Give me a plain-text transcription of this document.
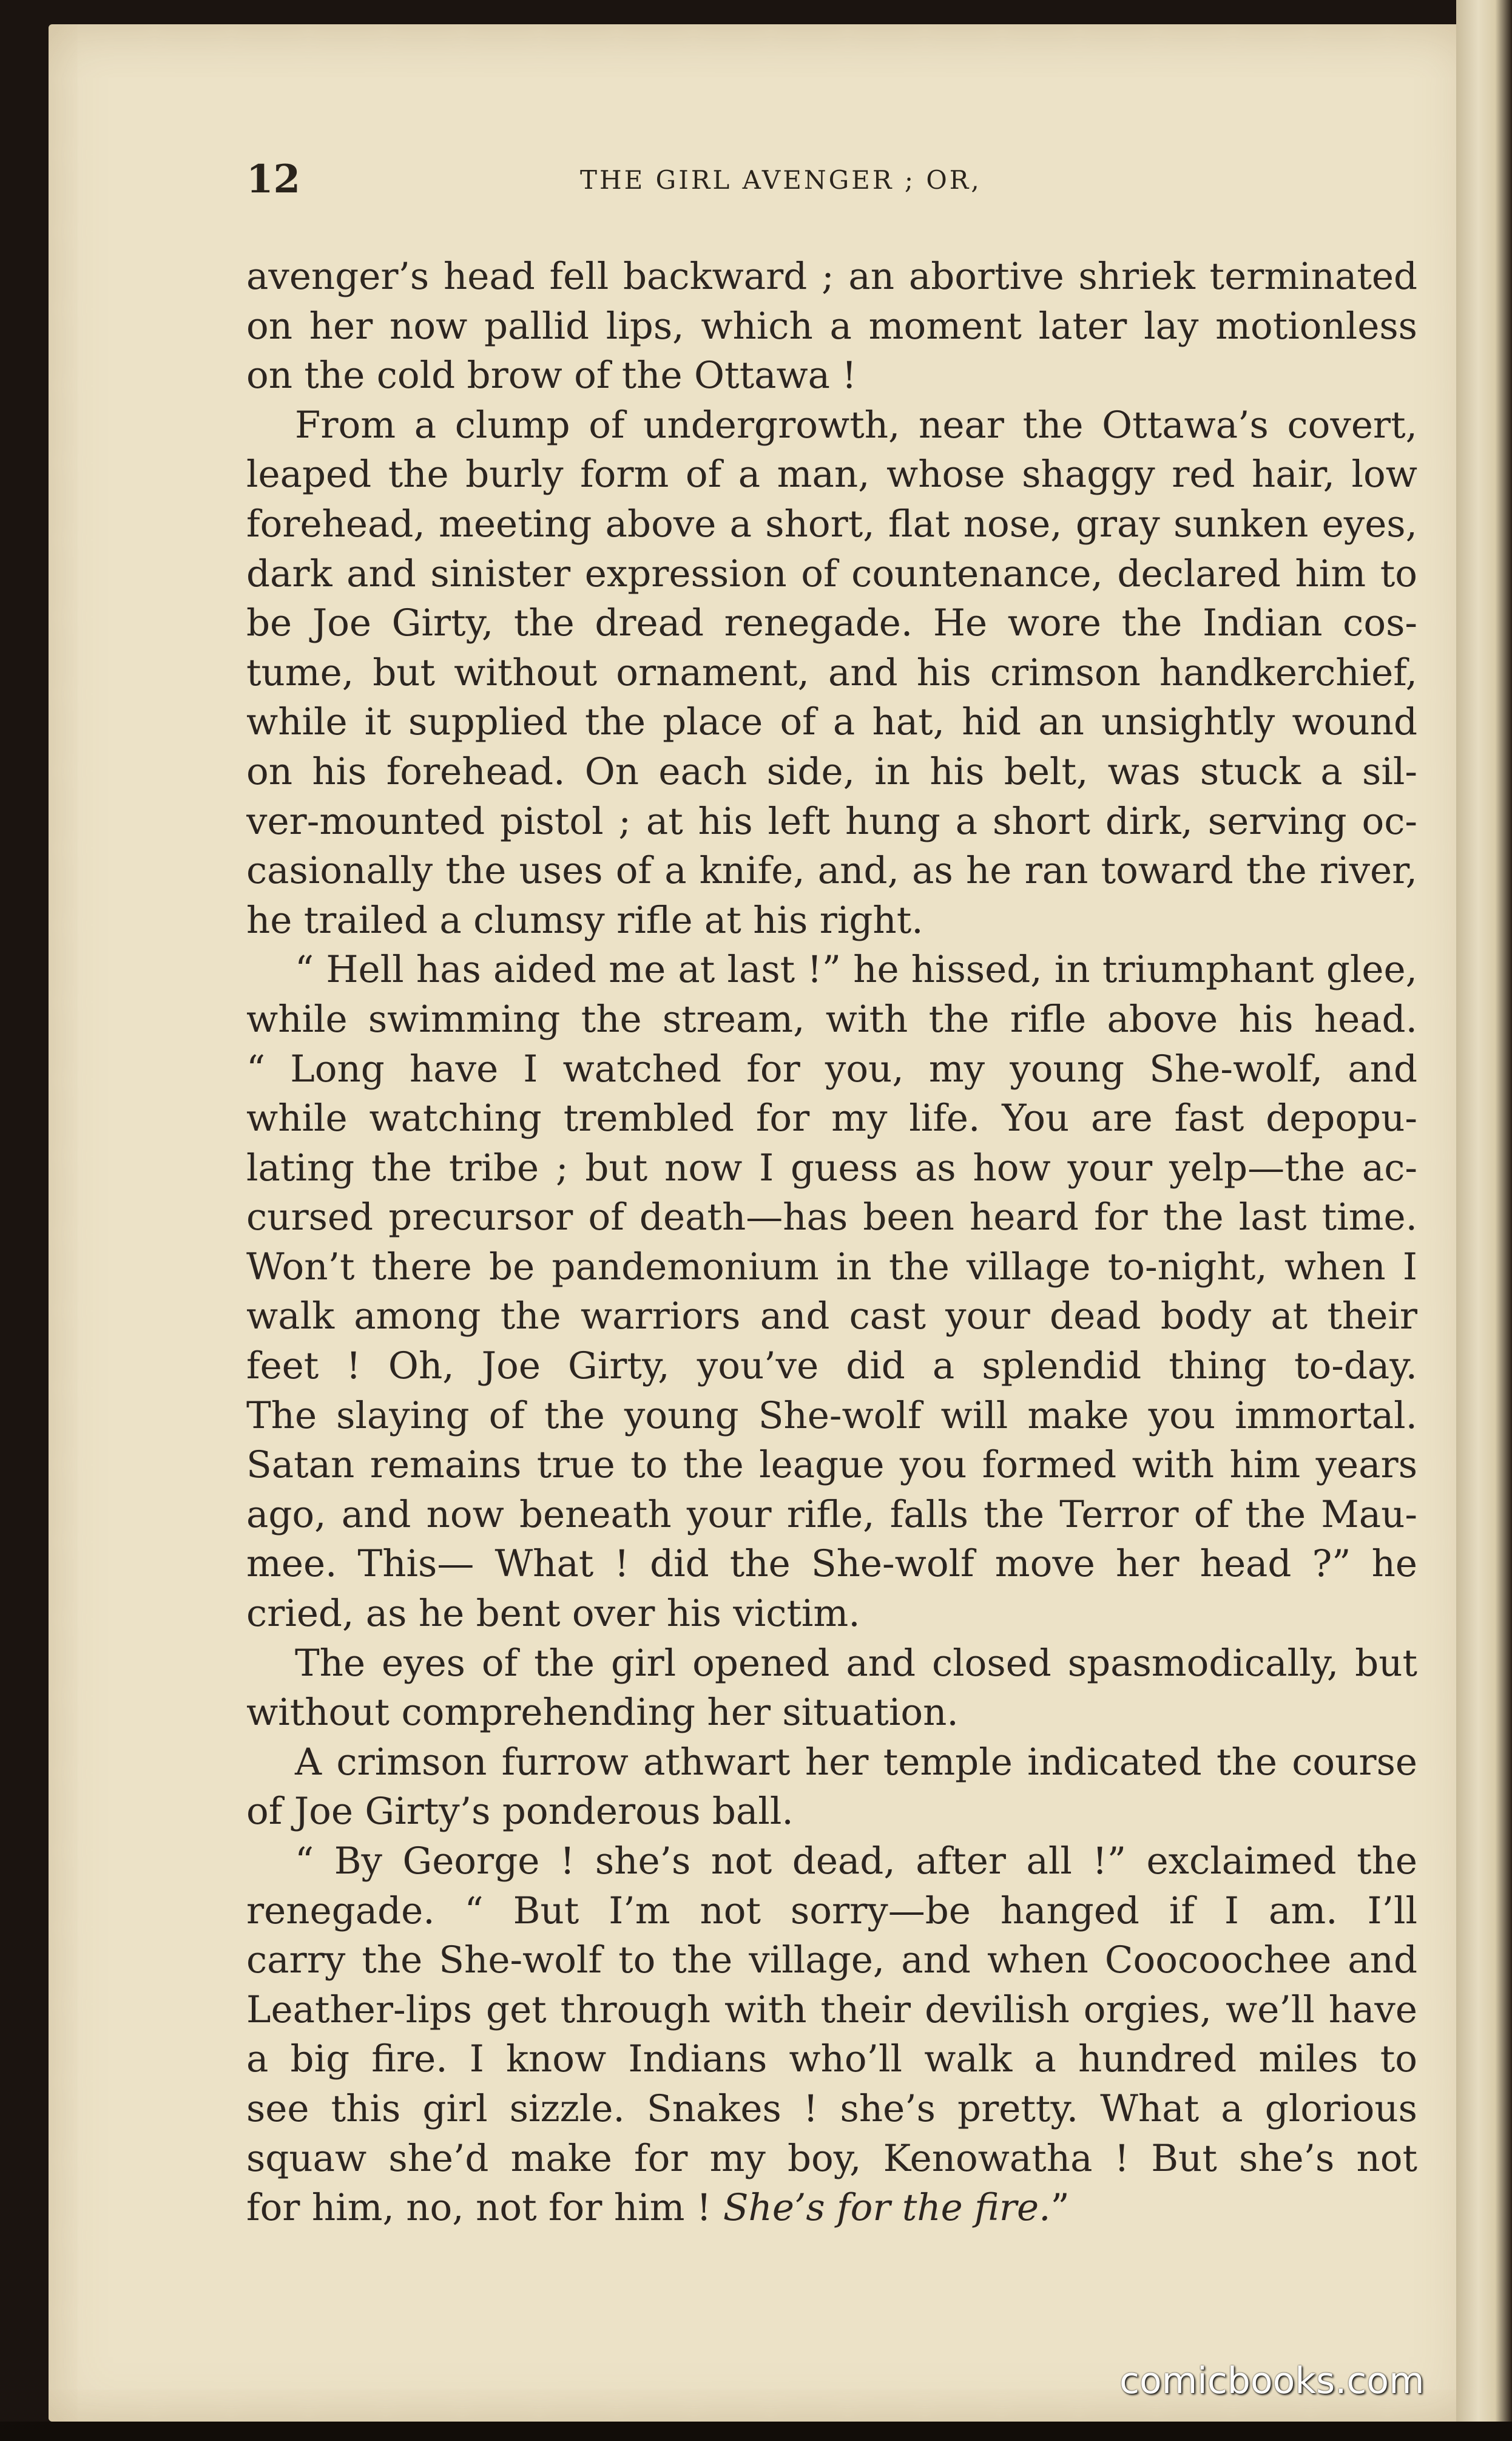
12	THE GIRL AVENGER ; OR,
avenger’s head fell backward ; an abortive shriek terminated
on her now pallid lips, which a moment later lay motionless
on the cold brow of the Ottawa !
From a clump of undergrowth, near the Ottawa’s covert,
leaped the burly form of a man, whose shaggy red hair, low
forehead, meeting above a short, flat nose, gray sunken eyes,
dark and sinister expression of countenance, declared him to
be Joe Girty, the dread renegade. He wore the Indian cos-
tume, but without ornament, and his crimson handkerchief,
while it supplied the place of a hat, hid an unsightly wound
on his forehead. On each side, in his belt, was stuck a sil-
ver-mounted pistol ; at his left hung a short dirk, serving oc-
casionally the uses of a knife, and, as he ran toward the river,
he trailed a clumsy rifle at his right.
“ Hell has aided me at last !” he hissed, in triumphant glee,
while swimming the stream, with the rifle above his head.
“ Long have I watched for you, my young She-wolf, and
while watching trembled for my life. You are fast depopu-
lating the tribe ; but now I guess as how your yelp—the ac-
cursed precursor of death—has been heard for the last time.
Won’t there be pandemonium in the village to-night, when I
walk among the warriors and cast your dead body at their
feet ! Oh, Joe Girty, you’ve did a splendid thing to-day.
The slaying of the young She-wolf will make you immortal.
Satan remains true to the league you formed with him years
ago, and now beneath your rifle, falls the Terror of the Mau-
mee. This— What ! did the She-wolf move her head ?” he
cried, as he bent over his victim.
The eyes of the girl opened and closed spasmodically, but
without comprehending her situation.
A crimson furrow athwart her temple indicated the course
of Joe Girty’s ponderous ball.
“ By George ! she’s not dead, after all !” exclaimed the
renegade. “ But I’m not sorry—be hanged if I am. I’ll
carry the She-wolf to the village, and when Coocoochee and
Leather-lips get through with their devilish orgies, we’ll have
a big fire. I know Indians who’ll walk a hundred miles to
see this girl sizzle. Snakes ! she’s pretty. What a glorious
squaw she’d make for my boy, Kenowatha ! But she’s not
for him, no, not for him ! She’s for the fire.”
comicbooks.com
